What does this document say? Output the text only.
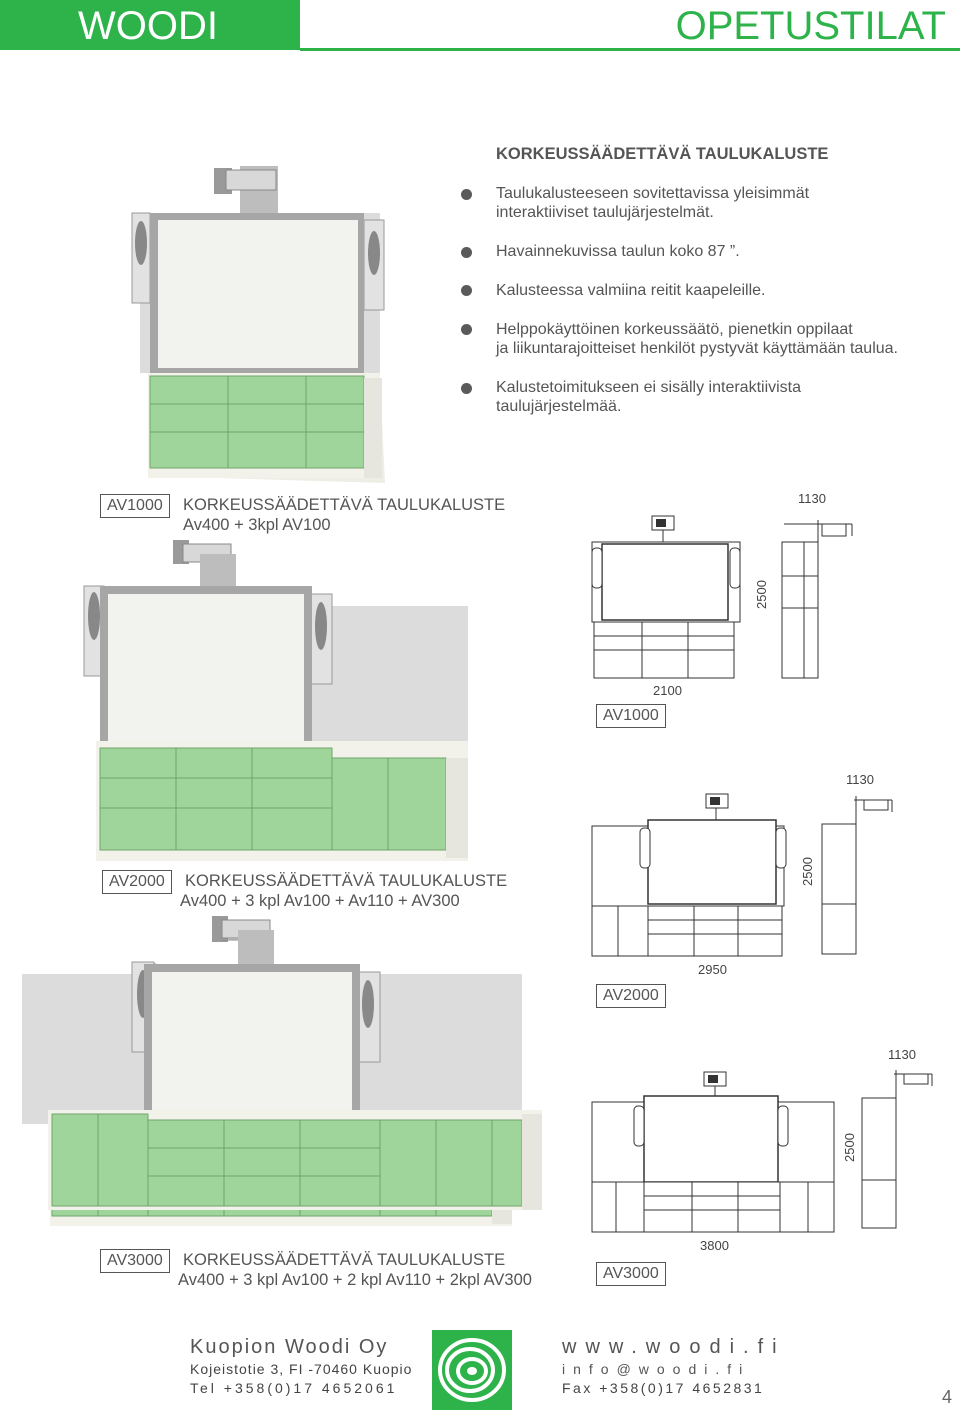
WOODI	OPETUSTILAT
KORKEUSSÄÄDETTÄVÄ TAULUKALUSTE
Taulukalusteeseen sovitettavissa yleisimmät
interaktiiviset taulujärjestelmät.
Havainnekuvissa taulun koko 87 ”.
Kalusteessa valmiina reitit kaapeleille.
Helppokäyttöinen korkeussäätö, pienetkin oppilaat
ja liikuntarajoitteiset henkilöt pystyvät käyttämään taulua.
Kalustetoimitukseen ei sisälly interaktiivista
taulujärjestelmää.
AV1000	KORKEUSSÄÄDETTÄVÄ TAULUKALUSTE
Av400 + 3kpl AV100
1130
2500
2100
AV1000
1130
2500
AV2000	KORKEUSSÄÄDETTÄVÄ TAULUKALUSTE
Av400 + 3 kpl Av100 + Av110 + AV300
2950
AV2000
1130
2500
AV3000	KORKEUSSÄÄDETTÄVÄ TAULUKALUSTE
Av400 + 3 kpl Av100 + 2 kpl Av110 + 2kpl AV300
3800
AV3000
Kuopion Woodi Oy
Kojeistotie 3, FI -70460 Kuopio
Tel +358(0)17 4652061
www.woodi.fi
info@woodi.fi
Fax +358(0)17 4652831	4
